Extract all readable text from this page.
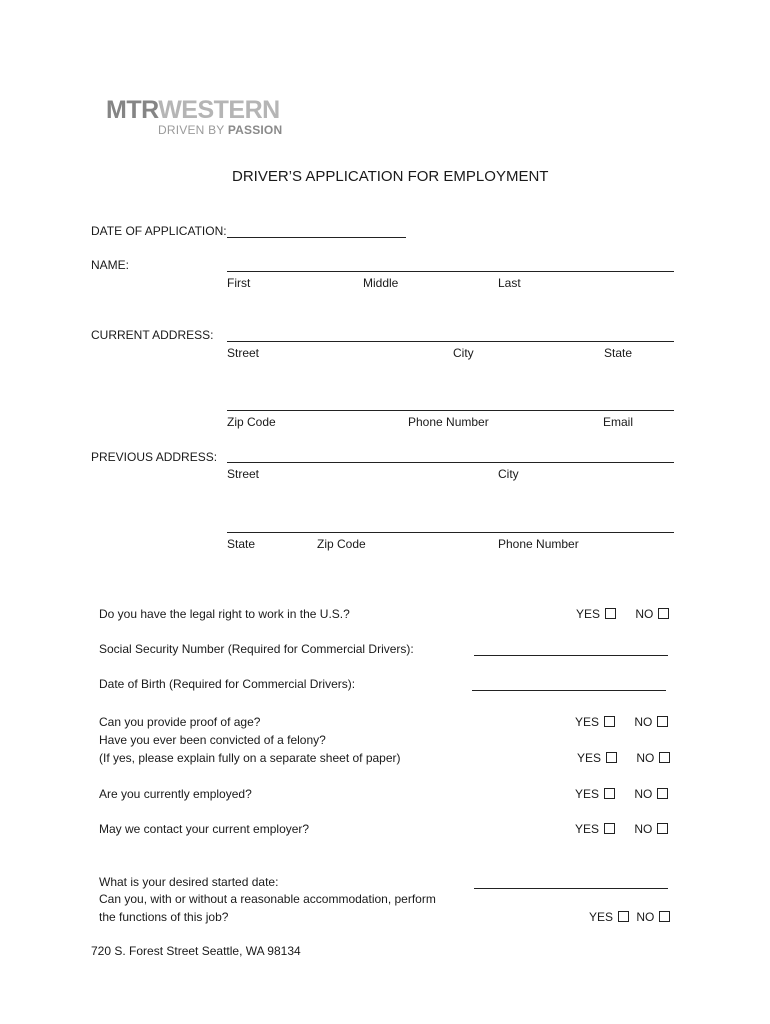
MTRWESTERN
DRIVEN BY PASSION
DRIVER’S APPLICATION FOR EMPLOYMENT
DATE OF APPLICATION:
NAME:
First	Middle	Last
CURRENT ADDRESS:
Street	City	State
Zip Code	Phone Number	Email
PREVIOUS ADDRESS:
Street	City
State	Zip Code	Phone Number
Do you have the legal right to work in the U.S.?	YES	NO
Social Security Number (Required for Commercial Drivers):
Date of Birth (Required for Commercial Drivers):
Can you provide proof of age?	YES	NO
Have you ever been convicted of a felony?
(If yes, please explain fully on a separate sheet of paper)	YES	NO
Are you currently employed?	YES	NO
May we contact your current employer?	YES	NO
What is your desired started date:
Can you, with or without a reasonable accommodation, perform
the functions of this job?	YES NO
720 S. Forest Street Seattle, WA 98134
